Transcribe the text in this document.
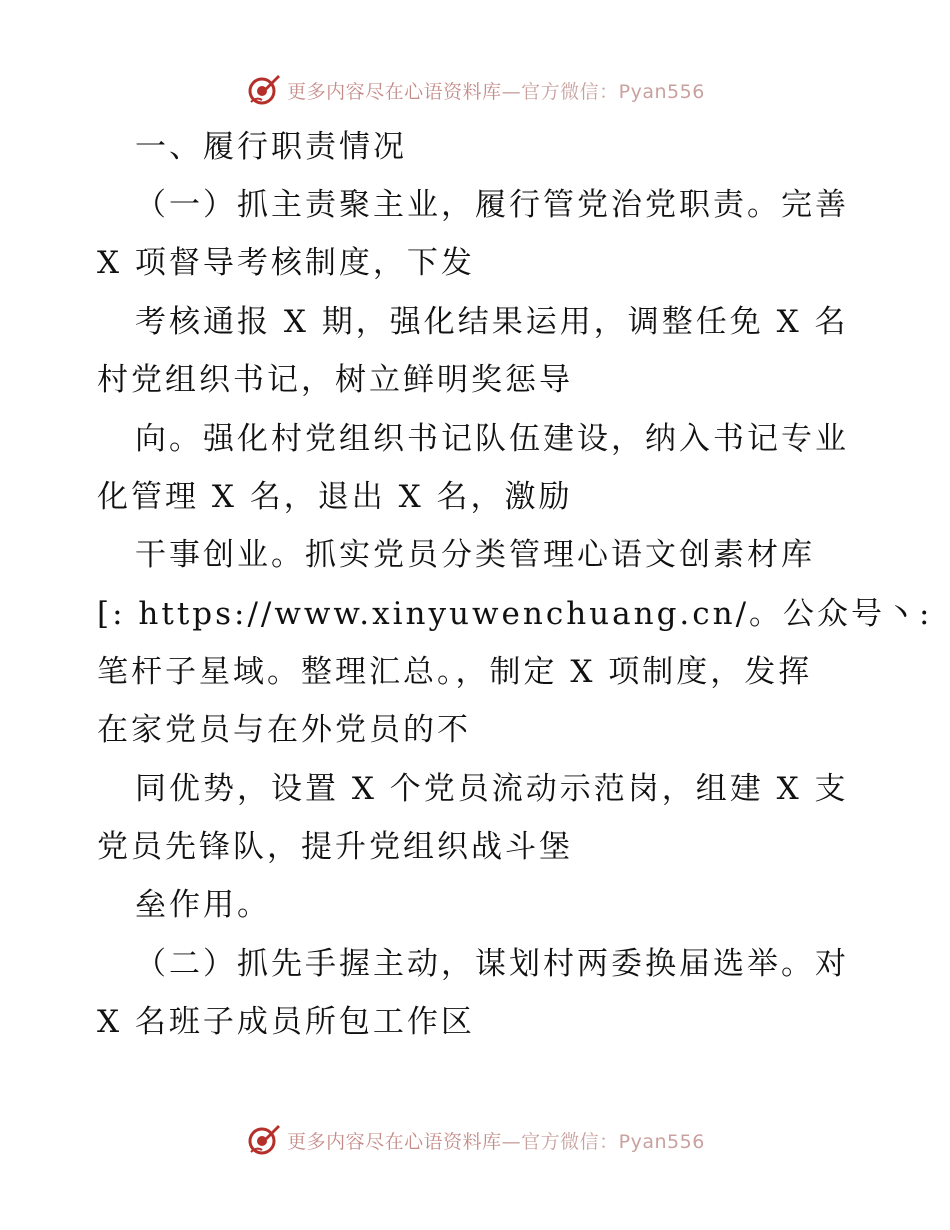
更多内容尽在心语资料库—官方微信：Pyan556
一、履行职责情况
（一）抓主责聚主业，履行管党治党职责。完善
X 项督导考核制度，下发
考核通报 X 期，强化结果运用，调整任免 X 名
村党组织书记，树立鲜明奖惩导
向。强化村党组织书记队伍建设，纳入书记专业
化管理 X 名，退出 X 名，激励
干事创业。抓实党员分类管理心语文创素材库
[: https://www.xinyuwenchuang.cn/。公众号丶:
笔杆子星域。整理汇总。，制定 X 项制度，发挥
在家党员与在外党员的不
同优势，设置 X 个党员流动示范岗，组建 X 支
党员先锋队，提升党组织战斗堡
垒作用。
（二）抓先手握主动，谋划村两委换届选举。对
X 名班子成员所包工作区
更多内容尽在心语资料库—官方微信：Pyan556
